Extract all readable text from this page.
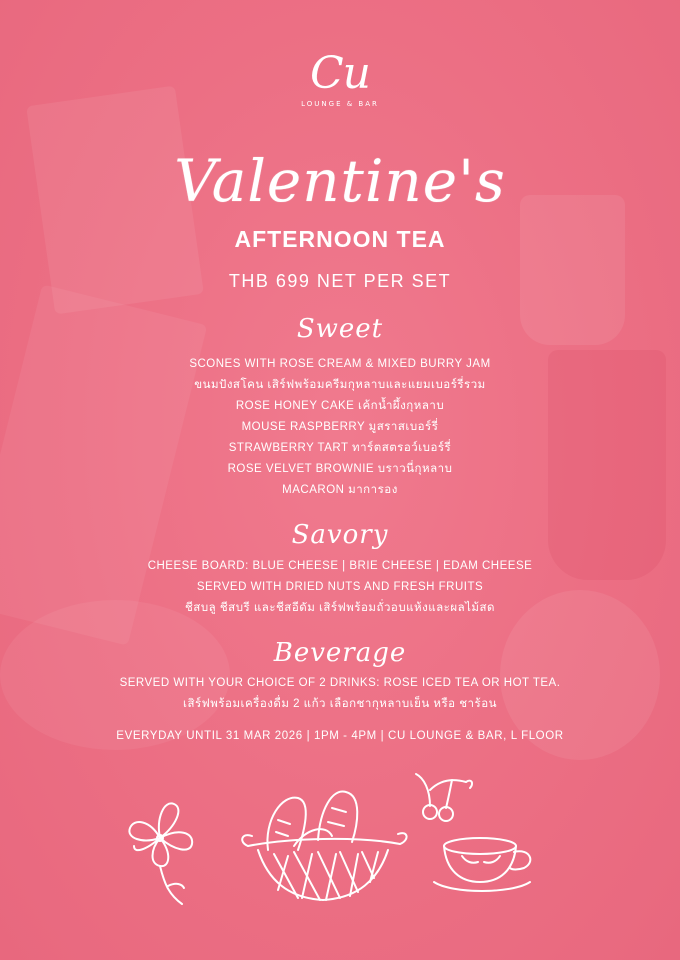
Cu
LOUNGE & BAR
Valentine's
AFTERNOON TEA
THB 699 NET PER SET
Sweet
SCONES WITH ROSE CREAM & MIXED BURRY JAM
ขนมปังสโคน เสิร์ฟพร้อมครีมกุหลาบและแยมเบอร์รี่รวม
ROSE HONEY CAKE เค้กน้ำผึ้งกุหลาบ
MOUSE RASPBERRY มูสราสเบอร์รี่
STRAWBERRY TART ทาร์ตสตรอว์เบอร์รี่
ROSE VELVET BROWNIE บราวนี่กุหลาบ
MACARON มาการอง
Savory
CHEESE BOARD: BLUE CHEESE | BRIE CHEESE | EDAM CHEESE
SERVED WITH DRIED NUTS AND FRESH FRUITS
ชีสบลู ชีสบรี และชีสอีดัม เสิร์ฟพร้อมถั่วอบแห้งและผลไม้สด
Beverage
SERVED WITH YOUR CHOICE OF 2 DRINKS: ROSE ICED TEA OR HOT TEA.
เสิร์ฟพร้อมเครื่องดื่ม 2 แก้ว เลือกชากุหลาบเย็น หรือ ชาร้อน
EVERYDAY UNTIL 31 MAR 2026 | 1PM - 4PM | CU LOUNGE & BAR, L FLOOR
